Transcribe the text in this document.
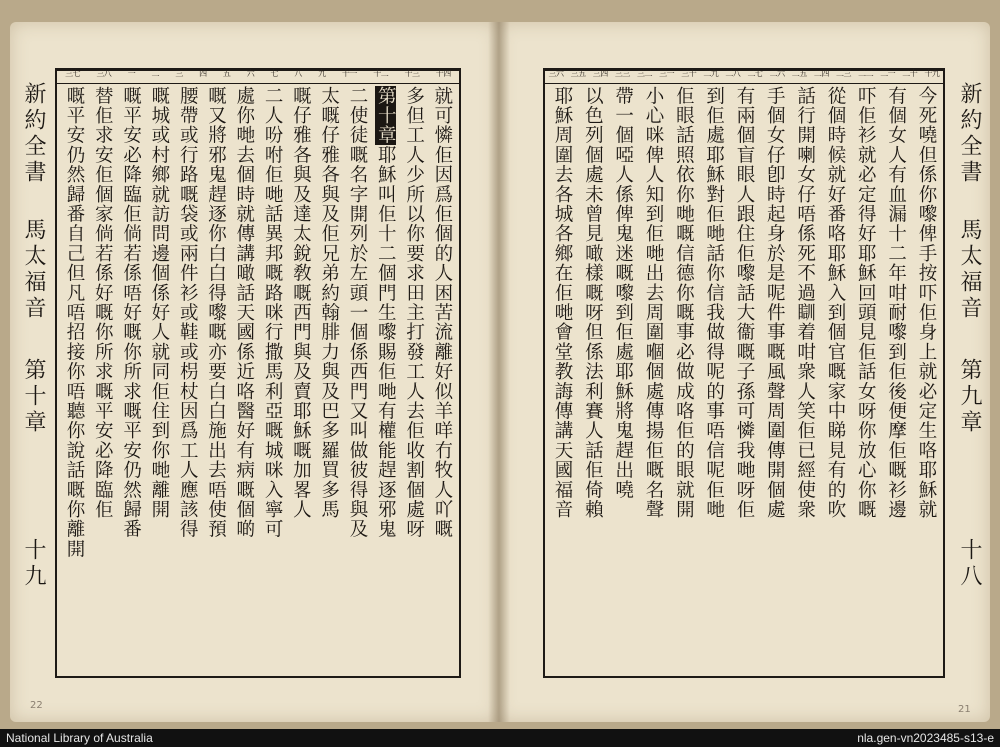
十四
十三
十二
十一
九
八
七
六
五
四
三
二
一
三八
三七
就可憐佢因爲佢個的人困苦流離好似羊咩冇牧人吖嘅
多但工人少所以你要求田主打發工人去佢收割個處呀
第十章耶穌叫佢十二個門生嚟賜佢哋有權能趕逐邪鬼
二使徒嘅名字開列於左頭一個係西門又叫做彼得與及
太嘅仔雅各與及佢兄弟約翰腓力與及巴多羅買多馬
嘅仔雅各與及達太銳敎嘅西門與及賣耶穌嘅加畧人
二人吩咐佢哋話異邦嘅路咪行撒馬利亞嘅城咪入寧可
處你哋去個時就傳講噉話天國係近咯醫好有病嘅個啲
嘅又將邪鬼趕逐你白白得嚟嘅亦要白白施出去唔使預
腰帶或行路嘅袋或兩件衫或鞋或枴杖因爲工人應該得
嘅城或村鄉就訪問邊個係好人就同佢住到你哋離開
嘅平安必降臨佢倘若係唔好嘅你所求嘅平安仍然歸番
替佢求安佢個家倘若係好嘅你所求嘅平安必降臨佢
嘅平安仍然歸番自己但凡唔招接你唔聽你說話嘅你離開
新約全書
馬太福音
第十章
十九
十九
二十
二一
二二
二三
二四
二五
二六
二七
二八
二九
三十
三一
三二
三三
三四
三五
三六
今死嘵但係你嚟俾手按吓佢身上就必定生咯耶穌就
有個女人有血漏十二年咁耐嚟到佢後便摩佢嘅衫邊
吓佢衫就必定得好耶穌回頭見佢話女呀你放心你嘅
從個時候就好番咯耶穌入到個官嘅家中睇見有的吹
話行開喇女仔唔係死不過瞓着咁衆人笑佢已經使衆
手個女仔卽時起身於是呢件事嘅風聲周圍傳開個處
有兩個盲眼人跟住佢嚟話大衞嘅子孫可憐我哋呀佢
到佢處耶穌對佢哋話你信我做得呢的事唔信呢佢哋
佢眼話照依你哋嘅信德你嘅事必做成咯佢的眼就開
小心咪俾人知到佢哋出去周圍嗰個處傳揚佢嘅名聲
帶一個啞人係俾鬼迷嘅嚟到佢處耶穌將鬼趕出嘵
以色列個處未曾見噉樣嘅呀但係法利賽人話佢倚賴
耶穌周圍去各城各鄉在佢哋會堂教誨傳講天國福音	新約全書
馬太福音
第九章
十八
22	21
National Library of Australia	nla.gen-vn2023485-s13-e
